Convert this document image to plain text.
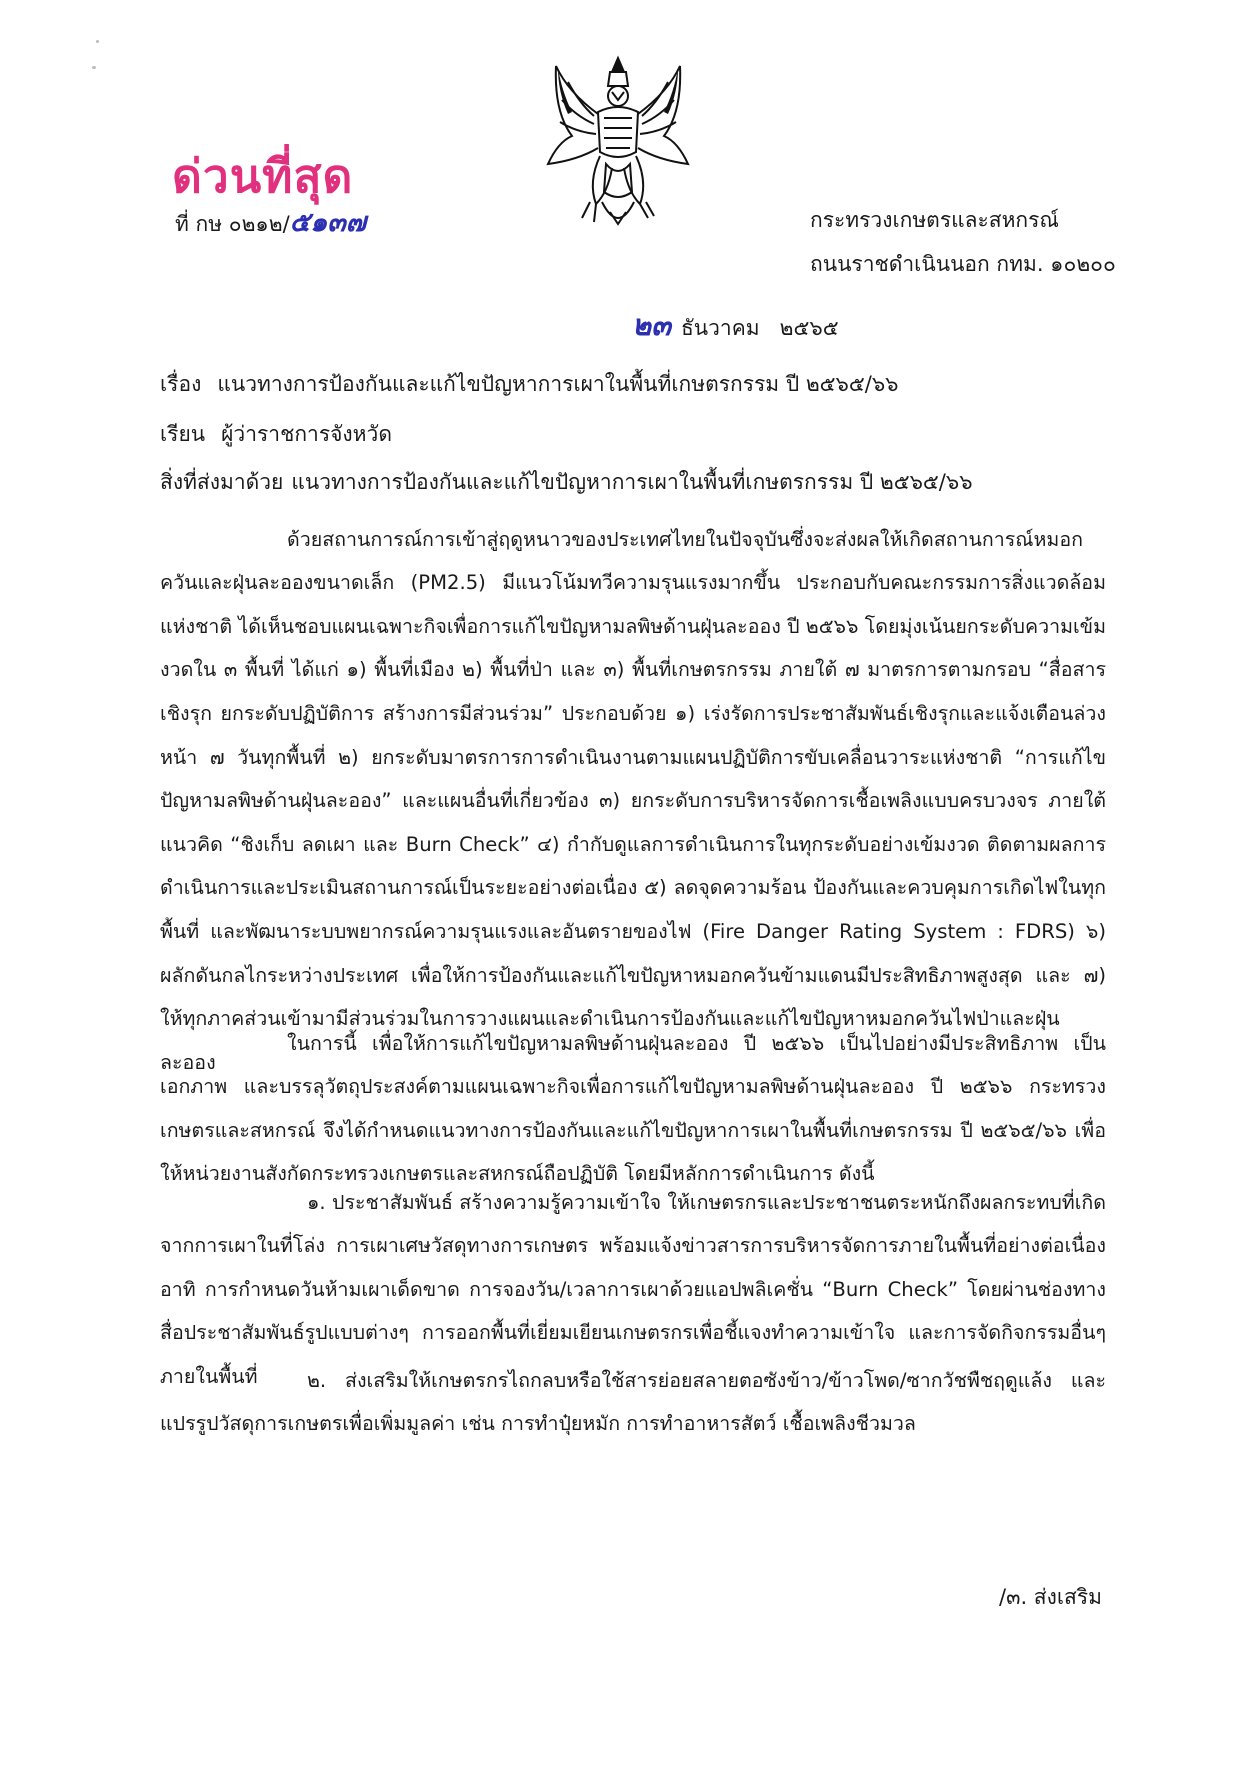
ด่วนที่สุด
ที่ กษ ๐๒๑๒/๕๑๓๗	กระทรวงเกษตรและสหกรณ์
ถนนราชดำเนินนอก กทม. ๑๐๒๐๐
๒๓ ธันวาคม   ๒๕๖๕
เรื่อง แนวทางการป้องกันและแก้ไขปัญหาการเผาในพื้นที่เกษตรกรรม ปี ๒๕๖๕/๖๖
เรียน ผู้ว่าราชการจังหวัด
สิ่งที่ส่งมาด้วย แนวทางการป้องกันและแก้ไขปัญหาการเผาในพื้นที่เกษตรกรรม ปี ๒๕๖๕/๖๖

ด้วยสถานการณ์การเข้าสู่ฤดูหนาวของประเทศไทยในปัจจุบันซึ่งจะส่งผลให้เกิดสถานการณ์หมอกควันและฝุ่นละอองขนาดเล็ก (PM2.5) มีแนวโน้มทวีความรุนแรงมากขึ้น ประกอบกับคณะกรรมการสิ่งแวดล้อมแห่งชาติ ได้เห็นชอบแผนเฉพาะกิจเพื่อการแก้ไขปัญหามลพิษด้านฝุ่นละออง ปี ๒๕๖๖ โดยมุ่งเน้นยกระดับความเข้มงวดใน ๓ พื้นที่ ได้แก่ ๑) พื้นที่เมือง ๒) พื้นที่ป่า และ ๓) พื้นที่เกษตรกรรม ภายใต้ ๗ มาตรการตามกรอบ “สื่อสารเชิงรุก ยกระดับปฏิบัติการ สร้างการมีส่วนร่วม” ประกอบด้วย ๑) เร่งรัดการประชาสัมพันธ์เชิงรุกและแจ้งเตือนล่วงหน้า ๗ วันทุกพื้นที่ ๒) ยกระดับมาตรการการดำเนินงานตามแผนปฏิบัติการขับเคลื่อนวาระแห่งชาติ “การแก้ไขปัญหามลพิษด้านฝุ่นละออง” และแผนอื่นที่เกี่ยวข้อง ๓) ยกระดับการบริหารจัดการเชื้อเพลิงแบบครบวงจร ภายใต้แนวคิด “ชิงเก็บ ลดเผา และ Burn Check” ๔) กำกับดูแลการดำเนินการในทุกระดับอย่างเข้มงวด ติดตามผลการดำเนินการและประเมินสถานการณ์เป็นระยะอย่างต่อเนื่อง ๕) ลดจุดความร้อน ป้องกันและควบคุมการเกิดไฟในทุกพื้นที่ และพัฒนาระบบพยากรณ์ความรุนแรงและอันตรายของไฟ (Fire Danger Rating System : FDRS) ๖) ผลักดันกลไกระหว่างประเทศ เพื่อให้การป้องกันและแก้ไขปัญหาหมอกควันข้ามแดนมีประสิทธิภาพสูงสุด และ ๗) ให้ทุกภาคส่วนเข้ามามีส่วนร่วมในการวางแผนและดำเนินการป้องกันและแก้ไขปัญหาหมอกควันไฟป่าและฝุ่นละออง

ในการนี้ เพื่อให้การแก้ไขปัญหามลพิษด้านฝุ่นละออง ปี ๒๕๖๖ เป็นไปอย่างมีประสิทธิภาพ เป็นเอกภาพ และบรรลุวัตถุประสงค์ตามแผนเฉพาะกิจเพื่อการแก้ไขปัญหามลพิษด้านฝุ่นละออง ปี ๒๕๖๖ กระทรวงเกษตรและสหกรณ์ จึงได้กำหนดแนวทางการป้องกันและแก้ไขปัญหาการเผาในพื้นที่เกษตรกรรม ปี ๒๕๖๕/๖๖ เพื่อให้หน่วยงานสังกัดกระทรวงเกษตรและสหกรณ์ถือปฏิบัติ โดยมีหลักการดำเนินการ ดังนี้

๑. ประชาสัมพันธ์ สร้างความรู้ความเข้าใจ ให้เกษตรกรและประชาชนตระหนักถึงผลกระทบที่เกิดจากการเผาในที่โล่ง การเผาเศษวัสดุทางการเกษตร พร้อมแจ้งข่าวสารการบริหารจัดการภายในพื้นที่อย่างต่อเนื่อง อาทิ การกำหนดวันห้ามเผาเด็ดขาด การจองวัน/เวลาการเผาด้วยแอปพลิเคชั่น “Burn Check” โดยผ่านช่องทางสื่อประชาสัมพันธ์รูปแบบต่างๆ การออกพื้นที่เยี่ยมเยียนเกษตรกรเพื่อชี้แจงทำความเข้าใจ และการจัดกิจกรรมอื่นๆ ภายในพื้นที่	๒. ส่งเสริมให้เกษตรกรไถกลบหรือใช้สารย่อยสลายตอซังข้าว/ข้าวโพด/ซากวัชพืชฤดูแล้ง และแปรรูปวัสดุการเกษตรเพื่อเพิ่มมูลค่า เช่น การทำปุ๋ยหมัก การทำอาหารสัตว์ เชื้อเพลิงชีวมวล

/๓. ส่งเสริม
